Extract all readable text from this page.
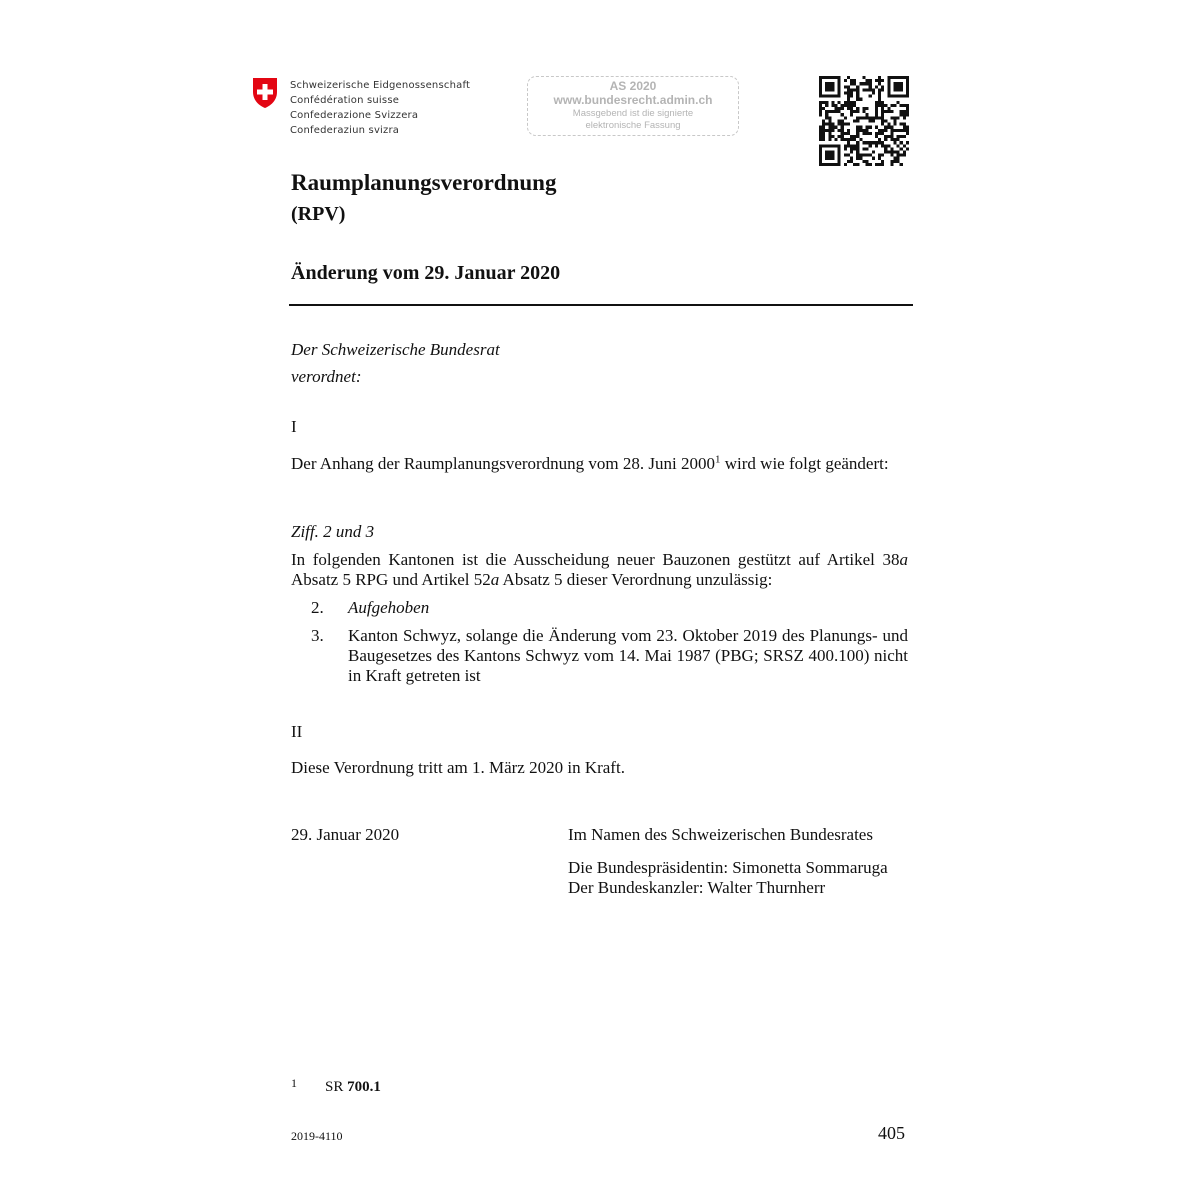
Schweizerische Eidgenossenschaft
Confédération suisse
Confederazione Svizzera
Confederaziun svizra
AS 2020
www.bundesrecht.admin.ch
Massgebend ist die signierte
elektronische Fassung
Raumplanungsverordnung
(RPV)
Änderung vom 29. Januar 2020
Der Schweizerische Bundesrat
verordnet:
I
Der Anhang der Raumplanungsverordnung vom 28. Juni 2000$^1$ wird wie folgt geändert:
Ziff. 2 und 3
In folgenden Kantonen ist die Ausscheidung neuer Bauzonen gestützt auf Artikel 38a Absatz 5 RPG und Artikel 52a Absatz 5 dieser Verordnung unzulässig:
2. Aufgehoben
3. Kanton Schwyz, solange die Änderung vom 23. Oktober 2019 des Planungs- und Baugesetzes des Kantons Schwyz vom 14. Mai 1987 (PBG; SRSZ 400.100) nicht in Kraft getreten ist
II
Diese Verordnung tritt am 1. März 2020 in Kraft.
29. Januar 2020	Im Namen des Schweizerischen Bundesrates
Die Bundespräsidentin: Simonetta Sommaruga
Der Bundeskanzler: Walter Thurnherr
1 SR 700.1
2019-4110	405
